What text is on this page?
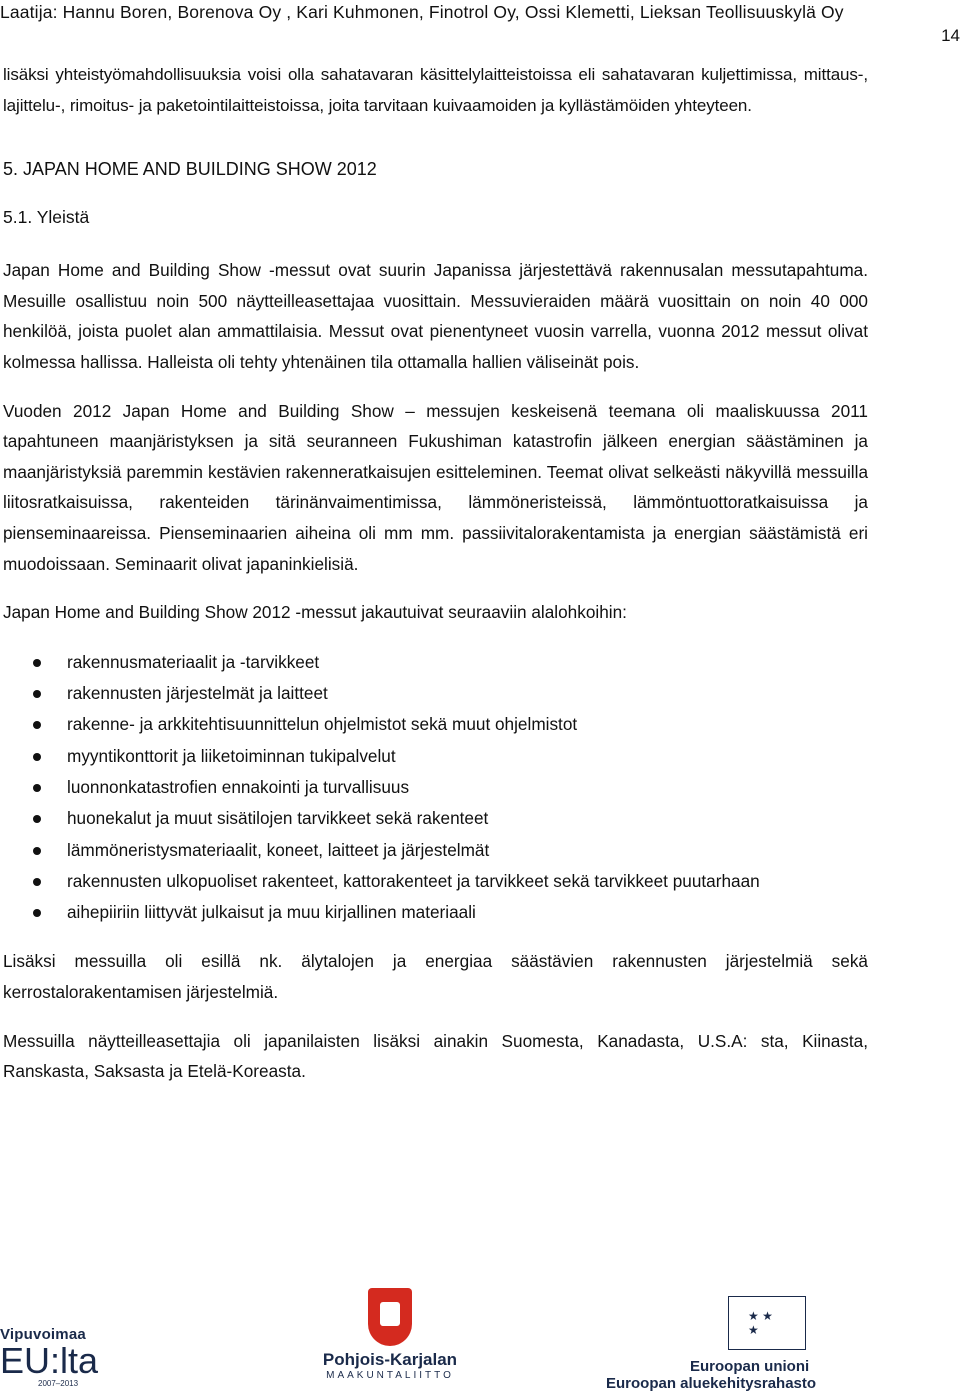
Laatija: Hannu Boren, Borenova Oy , Kari Kuhmonen, Finotrol Oy, Ossi Klemetti, Lieksan Teollisuuskylä Oy
14

lisäksi yhteistyömahdollisuuksia voisi olla sahatavaran käsittelylaitteistoissa eli sahatavaran kuljettimissa, mittaus-, lajittelu-, rimoitus- ja paketointilaitteistoissa, joita tarvitaan kuivaamoiden ja kyllästämöiden yhteyteen.

5. JAPAN HOME AND BUILDING SHOW 2012
5.1. Yleistä

Japan Home and Building Show -messut ovat suurin Japanissa järjestettävä rakennusalan messutapahtuma. Mesuille osallistuu noin 500 näytteilleasettajaa vuosittain. Messuvieraiden määrä vuosittain on noin 40 000 henkilöä, joista puolet alan ammattilaisia. Messut ovat pienentyneet vuosin varrella, vuonna 2012 messut olivat kolmessa hallissa. Halleista oli tehty yhtenäinen tila ottamalla hallien väliseinät pois.

Vuoden 2012 Japan Home and Building Show – messujen keskeisenä teemana oli maaliskuussa 2011 tapahtuneen maanjäristyksen ja sitä seuranneen Fukushiman katastrofin jälkeen energian säästäminen ja maanjäristyksiä paremmin kestävien rakenneratkaisujen esitteleminen. Teemat olivat selkeästi näkyvillä messuilla liitosratkaisuissa, rakenteiden tärinänvaimentimissa, lämmöneristeissä, lämmöntuottoratkaisuissa ja pienseminaareissa. Pienseminaarien aiheina oli mm mm. passiivitalorakentamista ja energian säästämistä eri muodoissaan. Seminaarit olivat japaninkielisiä.

Japan Home and Building Show 2012 -messut jakautuivat seuraaviin alalohkoihin:

rakennusmateriaalit ja -tarvikkeet
rakennusten järjestelmät ja laitteet
rakenne- ja arkkitehtisuunnittelun ohjelmistot sekä muut ohjelmistot
myyntikonttorit ja liiketoiminnan tukipalvelut
luonnonkatastrofien ennakointi ja turvallisuus
huonekalut ja muut sisätilojen tarvikkeet sekä rakenteet
lämmöneristysmateriaalit, koneet, laitteet ja järjestelmät
rakennusten ulkopuoliset rakenteet, kattorakenteet ja tarvikkeet sekä tarvikkeet puutarhaan
aihepiiriin liittyvät julkaisut ja muu kirjallinen materiaali

Lisäksi messuilla oli esillä nk. älytalojen ja energiaa säästävien rakennusten järjestelmiä sekä kerrostalorakentamisen järjestelmiä.

Messuilla näytteilleasettajia oli japanilaisten lisäksi ainakin Suomesta, Kanadasta, U.S.A: sta, Kiinasta, Ranskasta, Saksasta ja Etelä-Koreasta.

Vipuvoimaa
EU:lta
2007–2013
Pohjois-Karjalan
MAAKUNTALIITTO
★ ★ ★
Euroopan unioni
Euroopan aluekehitysrahasto
